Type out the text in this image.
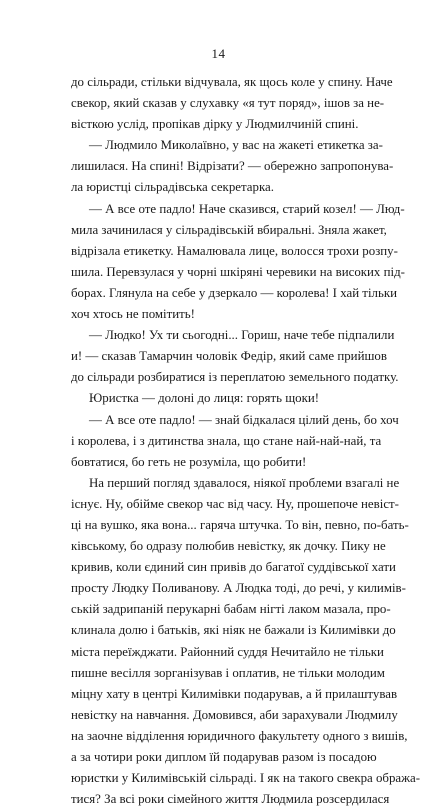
14
до сільради, стільки відчувала, як щось коле у спину. Наче
свекор, який сказав у слухавку «я тут поряд», ішов за не-
вісткою услід, пропікав дірку у Людмилчиній спині.
— Людмило Миколаївно, у вас на жакеті етикетка за-
лишилася. На спині! Відрізати? — обережно запропонува-
ла юристці сільрадівська секретарка.
— А все оте падло! Наче сказився, старий козел! — Люд-
мила зачинилася у сільрадівській вбиральні. Зняла жакет,
відрізала етикетку. Намалювала лице, волосся трохи розпу-
шила. Перевзулася у чорні шкіряні черевики на високих під-
борах. Глянула на себе у дзеркало — королева! І хай тільки
хоч хтось не помітить!
— Людко! Ух ти сьогодні... Гориш, наче тебе підпалили
и! — сказав Тамарчин чоловік Федір, який саме прийшов
до сільради розбиратися із переплатою земельного податку.
Юристка — долоні до лиця: горять щоки!
— А все оте падло! — знай бідкалася цілий день, бо хоч
і королева, і з дитинства знала, що стане най-най-най, та
бовтатися, бо геть не розуміла, що робити!
На перший погляд здавалося, ніякої проблеми взагалі не
існує. Ну, обійме свекор час від часу. Ну, прошепоче невіст-
ці на вушко, яка вона... гаряча штучка. То він, певно, по-бать-
ківському, бо одразу полюбив невістку, як дочку. Пику не
кривив, коли єдиний син привів до багатої суддівської хати
просту Людку Поливанову. А Людка тоді, до речі, у килимів-
ській задрипаній перукарні бабам нігті лаком мазала, про-
клинала долю і батьків, які ніяк не бажали із Килимівки до
міста переїжджати. Районний суддя Нечитайло не тільки
пишне весілля зорганізував і оплатив, не тільки молодим
міцну хату в центрі Килимівки подарував, а й прилаштував
невістку на навчання. Домовився, аби зарахували Людмилу
на заочне відділення юридичного факультету одного з вишів,
а за чотири роки диплом їй подарував разом із посадою
юристки у Килимівській сільраді. І як на такого свекра обража-
тися? За всі роки сімейного життя Людмила розсердилася
